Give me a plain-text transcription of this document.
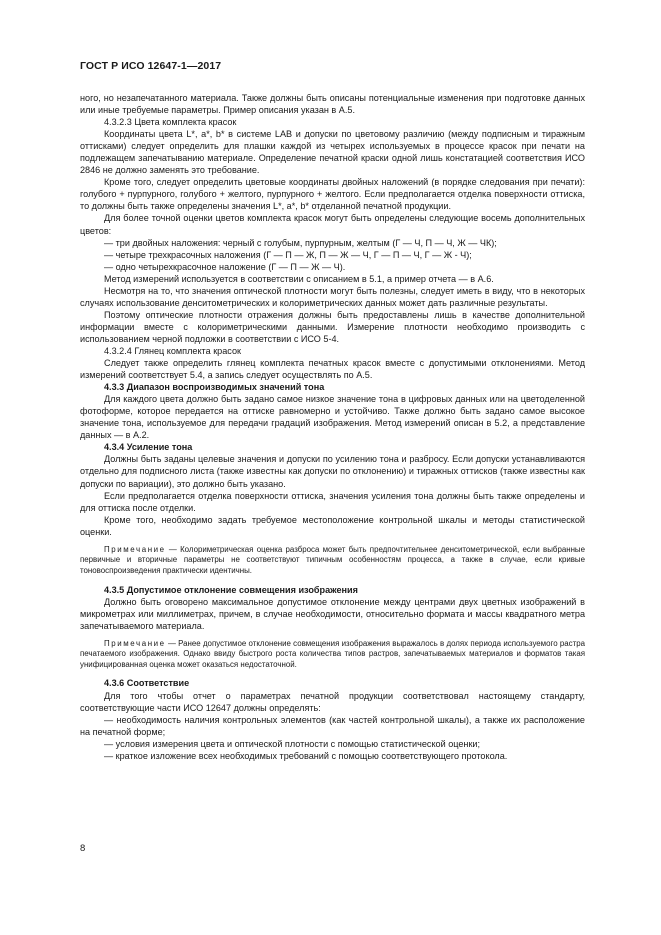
ГОСТ Р ИСО 12647-1—2017

ного, но незапечатанного материала. Также должны быть описаны потенциальные изменения при подготовке данных или иные требуемые параметры. Пример описания указан в А.5.

4.3.2.3 Цвета комплекта красок

Координаты цвета L*, a*, b* в системе LAB и допуски по цветовому различию (между подписным и тиражным оттисками) следует определить для плашки каждой из четырех используемых в процессе красок при печати на подлежащем запечатыванию материале. Определение печатной краски одной лишь констатацией соответствия ИСО 2846 не должно заменять это требование.

Кроме того, следует определить цветовые координаты двойных наложений (в порядке следования при печати): голубого + пурпурного, голубого + желтого, пурпурного + желтого. Если предполагается отделка поверхности оттиска, то должны быть также определены значения L*, a*, b* отделанной печатной продукции.

Для более точной оценки цветов комплекта красок могут быть определены следующие восемь дополнительных цветов:

— три двойных наложения: черный с голубым, пурпурным, желтым (Г — Ч, П — Ч, Ж — ЧК);

— четыре трехкрасочных наложения (Г — П — Ж, П — Ж — Ч, Г — П — Ч, Г — Ж - Ч);

— одно четырехкрасочное наложение (Г — П — Ж — Ч).

Метод измерений используется в соответствии с описанием в 5.1, а пример отчета — в А.6.

Несмотря на то, что значения оптической плотности могут быть полезны, следует иметь в виду, что в некоторых случаях использование денситометрических и колориметрических данных может дать различные результаты.

Поэтому оптические плотности отражения должны быть предоставлены лишь в качестве дополнительной информации вместе с колориметрическими данными. Измерение плотности необходимо производить с использованием черной подложки в соответствии с ИСО 5-4.

4.3.2.4 Глянец комплекта красок

Следует также определить глянец комплекта печатных красок вместе с допустимыми отклонениями. Метод измерений соответствует 5.4, а запись следует осуществлять по А.5.

4.3.3 Диапазон воспроизводимых значений тона

Для каждого цвета должно быть задано самое низкое значение тона в цифровых данных или на цветоделенной фотоформе, которое передается на оттиске равномерно и устойчиво. Также должно быть задано самое высокое значение тона, используемое для передачи градаций изображения. Метод измерений описан в 5.2, а представление данных — в А.2.

4.3.4 Усиление тона

Должны быть заданы целевые значения и допуски по усилению тона и разбросу. Если допуски устанавливаются отдельно для подписного листа (также известны как допуски по отклонению) и тиражных оттисков (также известны как допуски по вариации), это должно быть указано.

Если предполагается отделка поверхности оттиска, значения усиления тона должны быть также определены и для оттиска после отделки.

Кроме того, необходимо задать требуемое местоположение контрольной шкалы и методы статистической оценки.

Примечание — Колориметрическая оценка разброса может быть предпочтительнее денситометрической, если выбранные первичные и вторичные параметры не соответствуют типичным особенностям процесса, а также в случае, если кривые тоновоспроизведения практически идентичны.

4.3.5 Допустимое отклонение совмещения изображения

Должно быть оговорено максимальное допустимое отклонение между центрами двух цветных изображений в микрометрах или миллиметрах, причем, в случае необходимости, относительно формата и массы квадратного метра запечатываемого материала.

Примечание — Ранее допустимое отклонение совмещения изображения выражалось в долях периода используемого растра печатаемого изображения. Однако ввиду быстрого роста количества типов растров, запечатываемых материалов и форматов такая унифицированная оценка может оказаться недостаточной.

4.3.6 Соответствие

Для того чтобы отчет о параметрах печатной продукции соответствовал настоящему стандарту, соответствующие части ИСО 12647 должны определять:

— необходимость наличия контрольных элементов (как частей контрольной шкалы), а также их расположение на печатной форме;

— условия измерения цвета и оптической плотности с помощью статистической оценки;

— краткое изложение всех необходимых требований с помощью соответствующего протокола.

8
